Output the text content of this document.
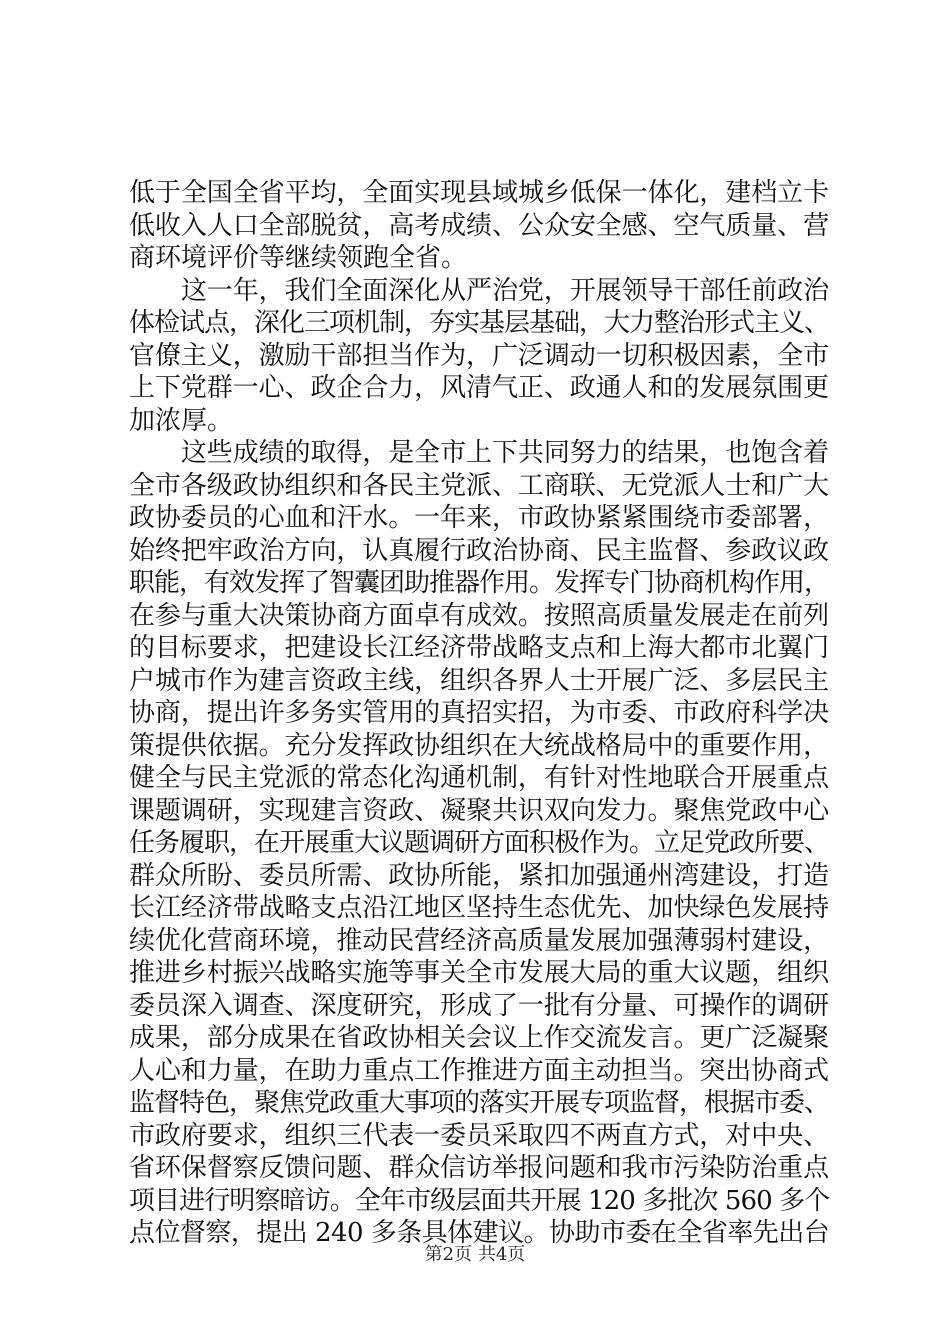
低于全国全省平均，全面实现县域城乡低保一体化，建档立卡
低收入人口全部脱贫，高考成绩、公众安全感、空气质量、营
商环境评价等继续领跑全省。
　　这一年，我们全面深化从严治党，开展领导干部任前政治
体检试点，深化三项机制，夯实基层基础，大力整治形式主义、
官僚主义，激励干部担当作为，广泛调动一切积极因素，全市
上下党群一心、政企合力，风清气正、政通人和的发展氛围更
加浓厚。
　　这些成绩的取得，是全市上下共同努力的结果，也饱含着
全市各级政协组织和各民主党派、工商联、无党派人士和广大
政协委员的心血和汗水。一年来，市政协紧紧围绕市委部署，
始终把牢政治方向，认真履行政治协商、民主监督、参政议政
职能，有效发挥了智囊团助推器作用。发挥专门协商机构作用，
在参与重大决策协商方面卓有成效。按照高质量发展走在前列
的目标要求，把建设长江经济带战略支点和上海大都市北翼门
户城市作为建言资政主线，组织各界人士开展广泛、多层民主
协商，提出许多务实管用的真招实招，为市委、市政府科学决
策提供依据。充分发挥政协组织在大统战格局中的重要作用，
健全与民主党派的常态化沟通机制，有针对性地联合开展重点
课题调研，实现建言资政、凝聚共识双向发力。聚焦党政中心
任务履职，在开展重大议题调研方面积极作为。立足党政所要、
群众所盼、委员所需、政协所能，紧扣加强通州湾建设，打造
长江经济带战略支点沿江地区坚持生态优先、加快绿色发展持
续优化营商环境，推动民营经济高质量发展加强薄弱村建设，
推进乡村振兴战略实施等事关全市发展大局的重大议题，组织
委员深入调查、深度研究，形成了一批有分量、可操作的调研
成果，部分成果在省政协相关会议上作交流发言。更广泛凝聚
人心和力量，在助力重点工作推进方面主动担当。突出协商式
监督特色，聚焦党政重大事项的落实开展专项监督，根据市委、
市政府要求，组织三代表一委员采取四不两直方式，对中央、
省环保督察反馈问题、群众信访举报问题和我市污染防治重点
项目进行明察暗访。全年市级层面共开展 120 多批次 560 多个
点位督察，提出 240 多条具体建议。协助市委在全省率先出台
第2页 共4页
